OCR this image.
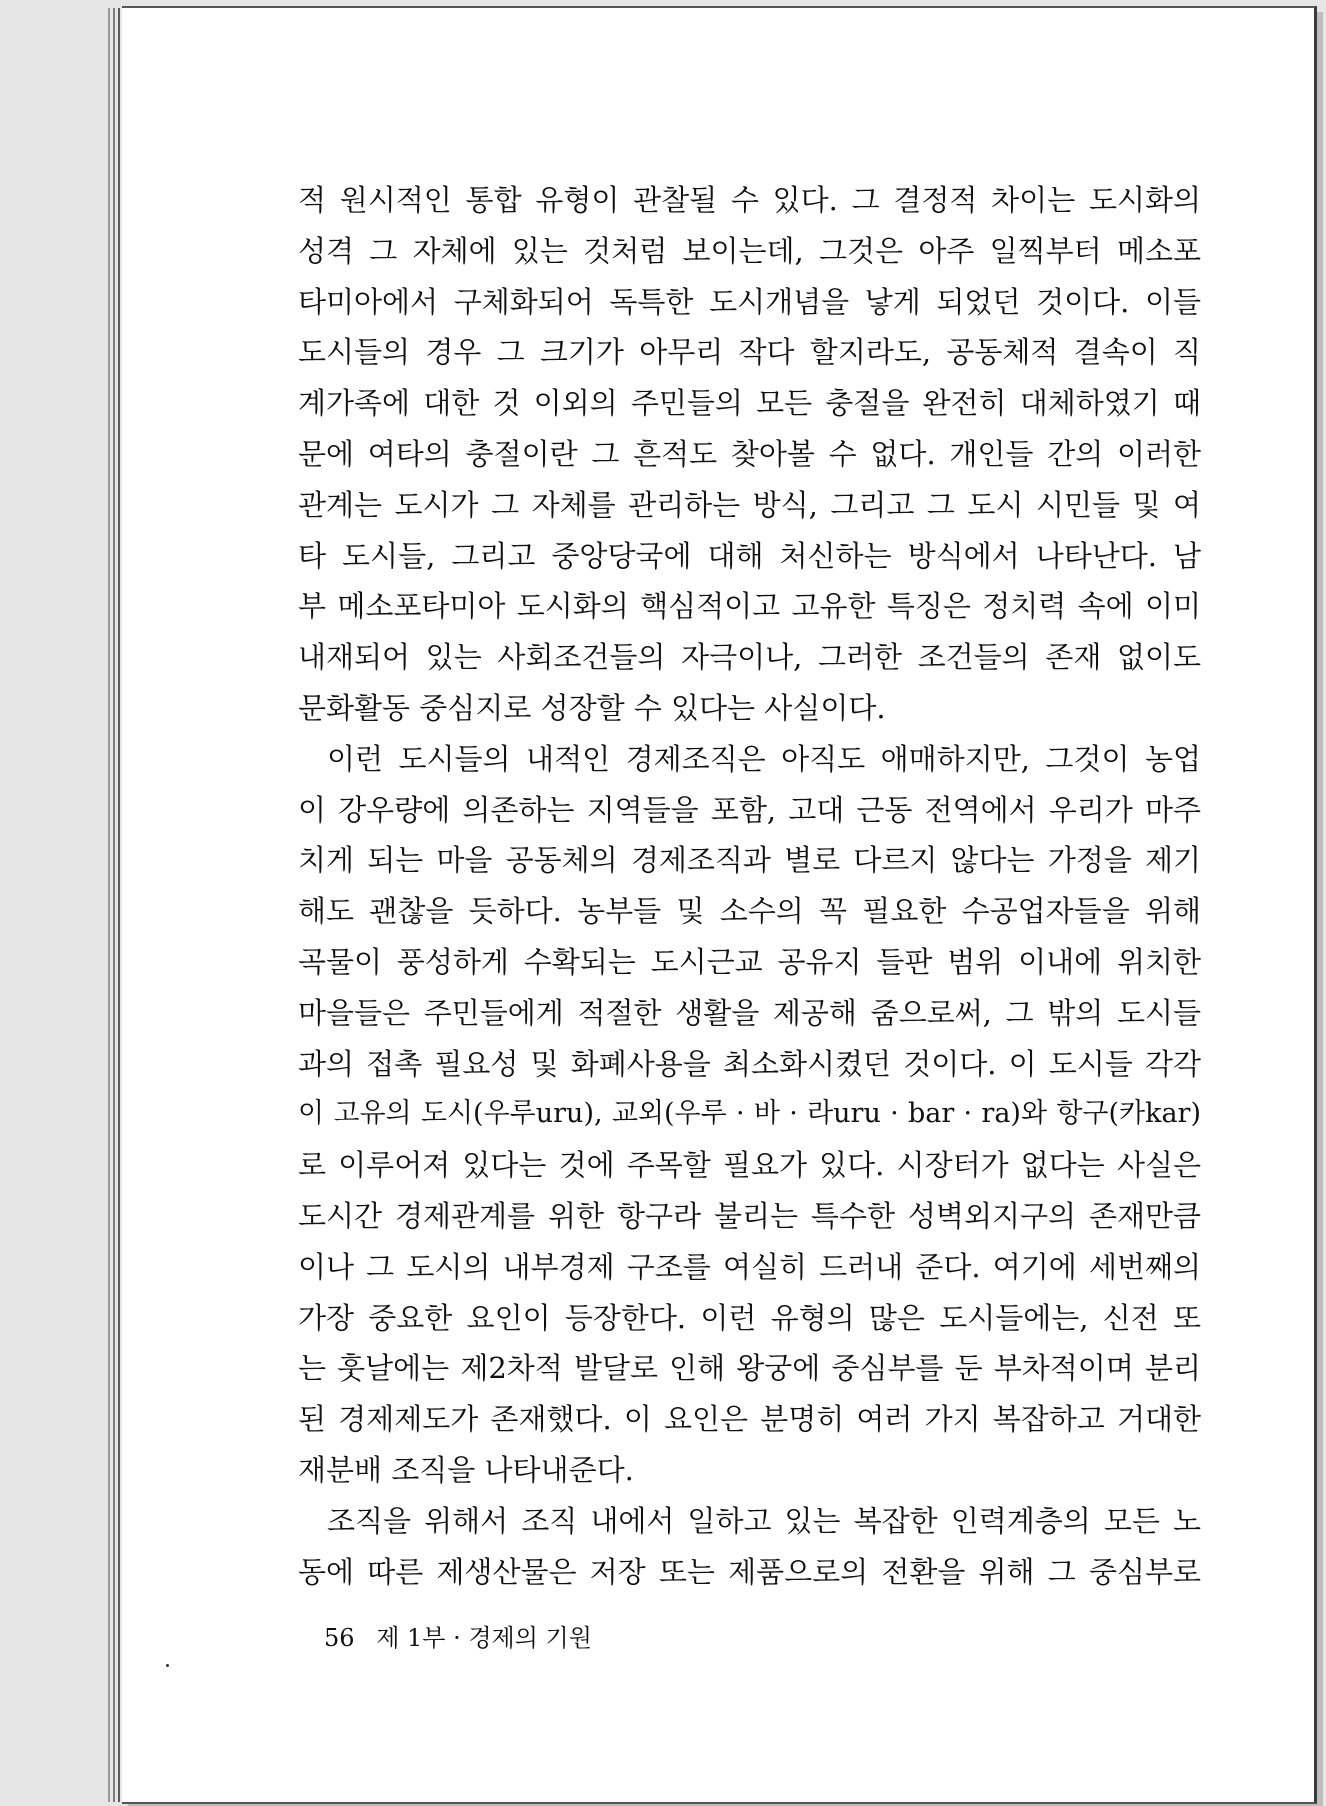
적 원시적인 통합 유형이 관찰될 수 있다. 그 결정적 차이는 도시화의
성격 그 자체에 있는 것처럼 보이는데, 그것은 아주 일찍부터 메소포
타미아에서 구체화되어 독특한 도시개념을 낳게 되었던 것이다. 이들
도시들의 경우 그 크기가 아무리 작다 할지라도, 공동체적 결속이 직
계가족에 대한 것 이외의 주민들의 모든 충절을 완전히 대체하였기 때
문에 여타의 충절이란 그 흔적도 찾아볼 수 없다. 개인들 간의 이러한
관계는 도시가 그 자체를 관리하는 방식, 그리고 그 도시 시민들 및 여
타 도시들, 그리고 중앙당국에 대해 처신하는 방식에서 나타난다. 남
부 메소포타미아 도시화의 핵심적이고 고유한 특징은 정치력 속에 이미
내재되어 있는 사회조건들의 자극이나, 그러한 조건들의 존재 없이도
문화활동 중심지로 성장할 수 있다는 사실이다.
이런 도시들의 내적인 경제조직은 아직도 애매하지만, 그것이 농업
이 강우량에 의존하는 지역들을 포함, 고대 근동 전역에서 우리가 마주
치게 되는 마을 공동체의 경제조직과 별로 다르지 않다는 가정을 제기
해도 괜찮을 듯하다. 농부들 및 소수의 꼭 필요한 수공업자들을 위해
곡물이 풍성하게 수확되는 도시근교 공유지 들판 범위 이내에 위치한
마을들은 주민들에게 적절한 생활을 제공해 줌으로써, 그 밖의 도시들
과의 접촉 필요성 및 화폐사용을 최소화시켰던 것이다. 이 도시들 각각
이 고유의 도시(우루uru), 교외(우루 · 바 · 라uru · bar · ra)와 항구(카kar)
로 이루어져 있다는 것에 주목할 필요가 있다. 시장터가 없다는 사실은
도시간 경제관계를 위한 항구라 불리는 특수한 성벽외지구의 존재만큼
이나 그 도시의 내부경제 구조를 여실히 드러내 준다. 여기에 세번째의
가장 중요한 요인이 등장한다. 이런 유형의 많은 도시들에는, 신전 또
는 훗날에는 제2차적 발달로 인해 왕궁에 중심부를 둔 부차적이며 분리
된 경제제도가 존재했다. 이 요인은 분명히 여러 가지 복잡하고 거대한
재분배 조직을 나타내준다.
조직을 위해서 조직 내에서 일하고 있는 복잡한 인력계층의 모든 노
동에 따른 제생산물은 저장 또는 제품으로의 전환을 위해 그 중심부로
56 제 1부 · 경제의 기원
